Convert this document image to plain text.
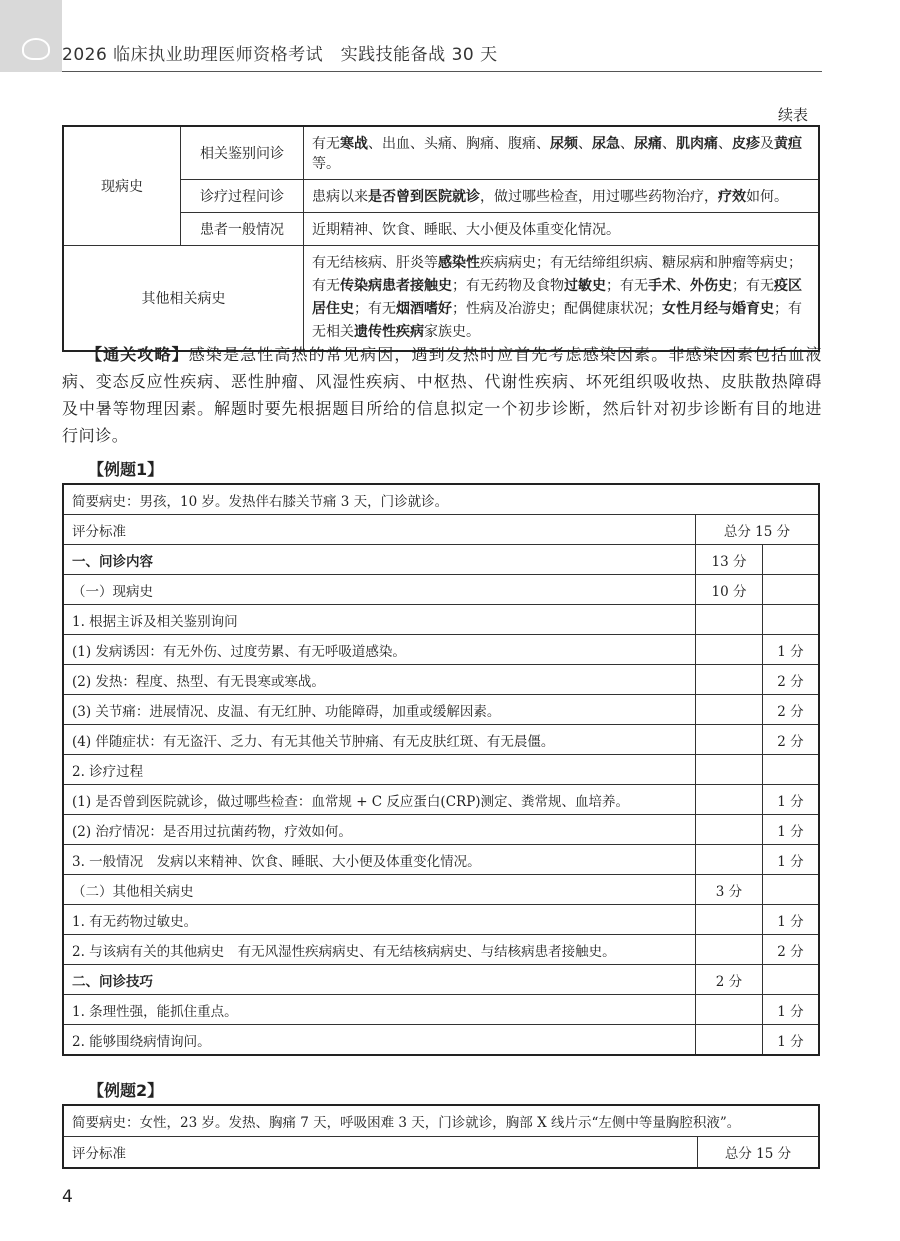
2026 临床执业助理医师资格考试　实践技能备战 30 天
续表
现病史	相关鉴别问诊	有无寒战、出血、头痛、胸痛、腹痛、尿频、尿急、尿痛、肌肉痛、皮疹及黄疸等。
	诊疗过程问诊	患病以来是否曾到医院就诊，做过哪些检查，用过哪些药物治疗，疗效如何。
	患者一般情况	近期精神、饮食、睡眠、大小便及体重变化情况。
其他相关病史		有无结核病、肝炎等感染性疾病病史；有无结缔组织病、糖尿病和肿瘤等病史；有无传染病患者接触史；有无药物及食物过敏史；有无手术、外伤史；有无疫区居住史；有无烟酒嗜好；性病及冶游史；配偶健康状况；女性月经与婚育史；有无相关遗传性疾病家族史。
【通关攻略】感染是急性高热的常见病因，遇到发热时应首先考虑感染因素。非感染因素包括血液病、变态反应性疾病、恶性肿瘤、风湿性疾病、中枢热、代谢性疾病、坏死组织吸收热、皮肤散热障碍及中暑等物理因素。解题时要先根据题目所给的信息拟定一个初步诊断，然后针对初步诊断有目的地进行问诊。
【例题1】
简要病史：男孩，10 岁。发热伴右膝关节痛 3 天，门诊就诊。		
评分标准	总分 15 分	
一、问诊内容	13 分	
（一）现病史	10 分	
1. 根据主诉及相关鉴别询问		
(1) 发病诱因：有无外伤、过度劳累、有无呼吸道感染。		1 分
(2) 发热：程度、热型、有无畏寒或寒战。		2 分
(3) 关节痛：进展情况、皮温、有无红肿、功能障碍，加重或缓解因素。		2 分
(4) 伴随症状：有无盗汗、乏力、有无其他关节肿痛、有无皮肤红斑、有无晨僵。		2 分
2. 诊疗过程		
(1) 是否曾到医院就诊，做过哪些检查：血常规 + C 反应蛋白(CRP)测定、粪常规、血培养。		1 分
(2) 治疗情况：是否用过抗菌药物，疗效如何。		1 分
3. 一般情况　发病以来精神、饮食、睡眠、大小便及体重变化情况。		1 分
（二）其他相关病史	3 分	
1. 有无药物过敏史。		1 分
2. 与该病有关的其他病史　有无风湿性疾病病史、有无结核病病史、与结核病患者接触史。		2 分
二、问诊技巧	2 分	
1. 条理性强，能抓住重点。		1 分
2. 能够围绕病情询问。		1 分
【例题2】
简要病史：女性，23 岁。发热、胸痛 7 天，呼吸困难 3 天，门诊就诊，胸部 X 线片示“左侧中等量胸腔积液”。
评分标准	总分 15 分
4
